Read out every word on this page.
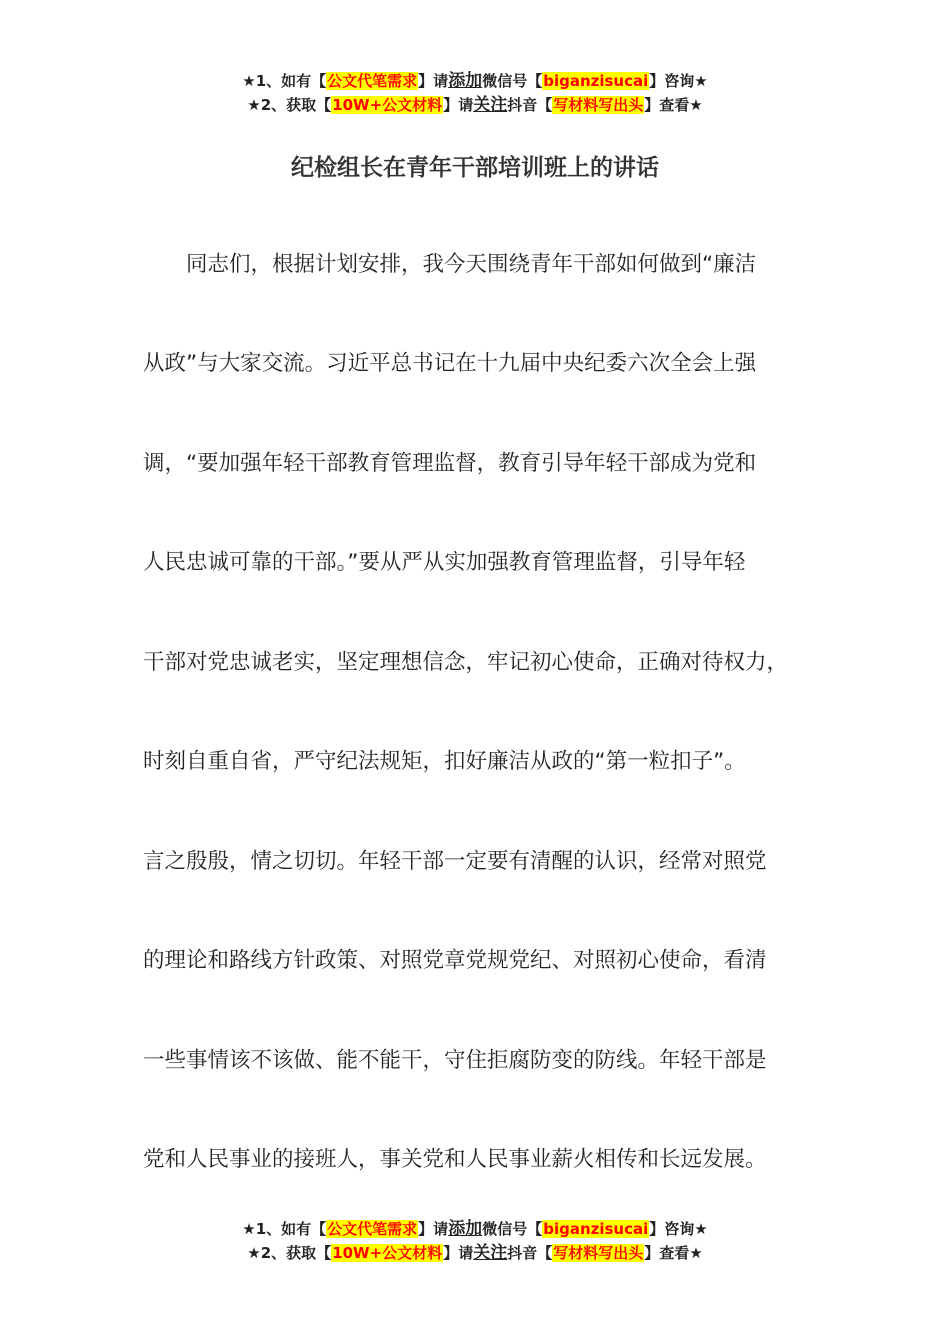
★1、如有【公文代笔需求】请添加微信号【biganzisucai】咨询★
★2、获取【10W+公文材料】请关注抖音【写材料写出头】查看★
纪检组长在青年干部培训班上的讲话
　　同志们，根据计划安排，我今天围绕青年干部如何做到“廉洁
从政”与大家交流。习近平总书记在十九届中央纪委六次全会上强
调，“要加强年轻干部教育管理监督，教育引导年轻干部成为党和
人民忠诚可靠的干部。”要从严从实加强教育管理监督，引导年轻
干部对党忠诚老实，坚定理想信念，牢记初心使命，正确对待权力，
时刻自重自省，严守纪法规矩，扣好廉洁从政的“第一粒扣子”。
言之殷殷，情之切切。年轻干部一定要有清醒的认识，经常对照党
的理论和路线方针政策、对照党章党规党纪、对照初心使命，看清
一些事情该不该做、能不能干，守住拒腐防变的防线。年轻干部是
党和人民事业的接班人，事关党和人民事业薪火相传和长远发展。
★1、如有【公文代笔需求】请添加微信号【biganzisucai】咨询★
★2、获取【10W+公文材料】请关注抖音【写材料写出头】查看★
